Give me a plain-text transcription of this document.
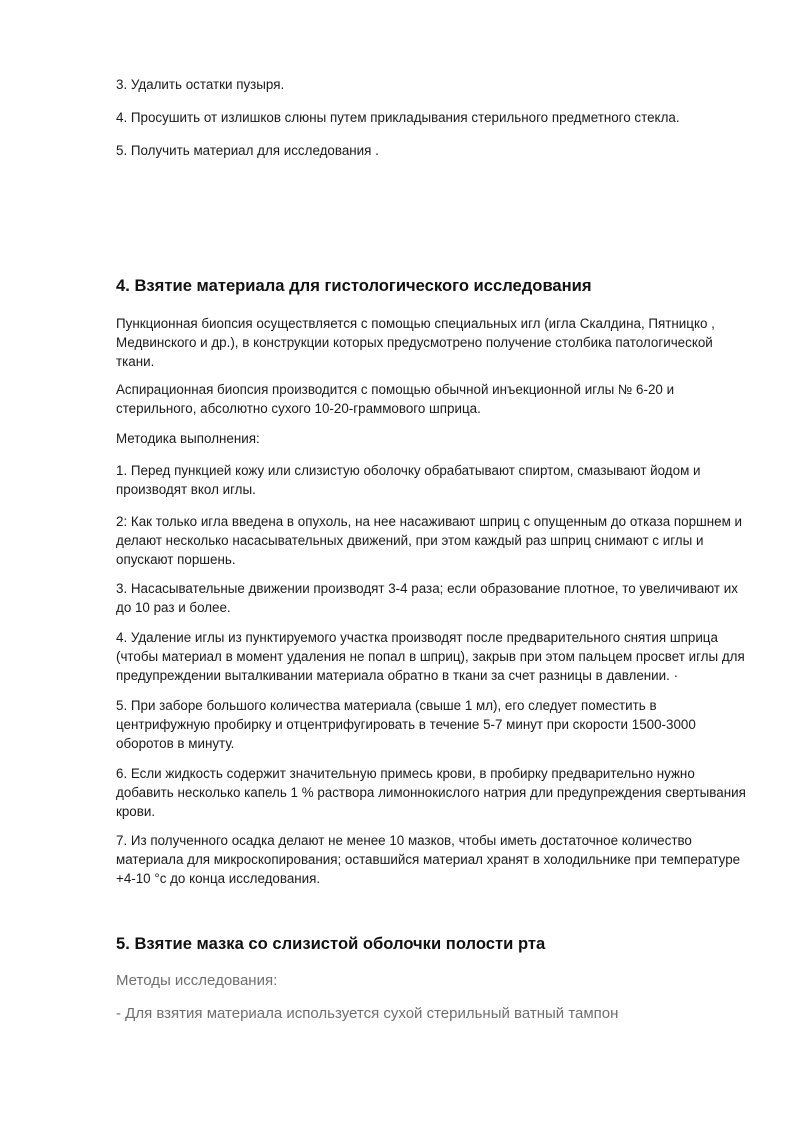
3. Удалить остатки пузыря.

4. Просушить от излишков слюны путем прикладывания стерильного предметного стекла.

5. Получить материал для исследования .

4. Взятие материала для гистологического исследования

Пункционная биопсия осуществляется с помощью специальных игл (игла Скалдина, Пятницко , Медвинского и др.), в конструкции которых предусмотрено получение столбика патологической ткани.

Аспирационная биопсия производится с помощью обычной инъекционной иглы № 6-20 и стерильного, абсолютно сухого 10-20-граммового шприца.

Методика выполнения:

1. Перед пункцией кожу или слизистую оболочку обрабатывают спиртом, смазывают йодом и производят вкол иглы.

2: Как только игла введена в опухоль, на нее насаживают шприц с опущенным до отказа поршнем и делают несколько насасывательных движений, при этом каждый раз шприц снимают с иглы и опускают поршень.

3. Насасывательные движении производят 3-4 раза; если образование плотное, то увеличивают их до 10 раз и более.

4. Удаление иглы из пунктируемого участка производят после предварительного снятия шприца (чтобы материал в момент удаления не попал в шприц), закрыв при этом пальцем просвет иглы для предупреждении выталкивании материала обратно в ткани за счет разницы в давлении. ·

5. При заборе большого количества материала (свыше 1 мл), его следует поместить в центрифужную пробирку и отцентрифугировать в течение 5-7 минут при скорости 1500-3000 оборотов в минуту.

6. Если жидкость содержит значительную примесь крови, в пробирку предварительно нужно добавить несколько капель 1 % раствора лимоннокислого натрия дли предупреждения свертывания крови.

7. Из полученного осадка делают не менее 10 мазков, чтобы иметь достаточное количество материала для микроскопирования; оставшийся материал хранят в холодильнике при температуре +4-10 °с до конца исследования.

5. Взятие мазка со слизистой оболочки полости рта

Методы исследования:

- Для взятия материала используется сухой стерильный ватный тампон
